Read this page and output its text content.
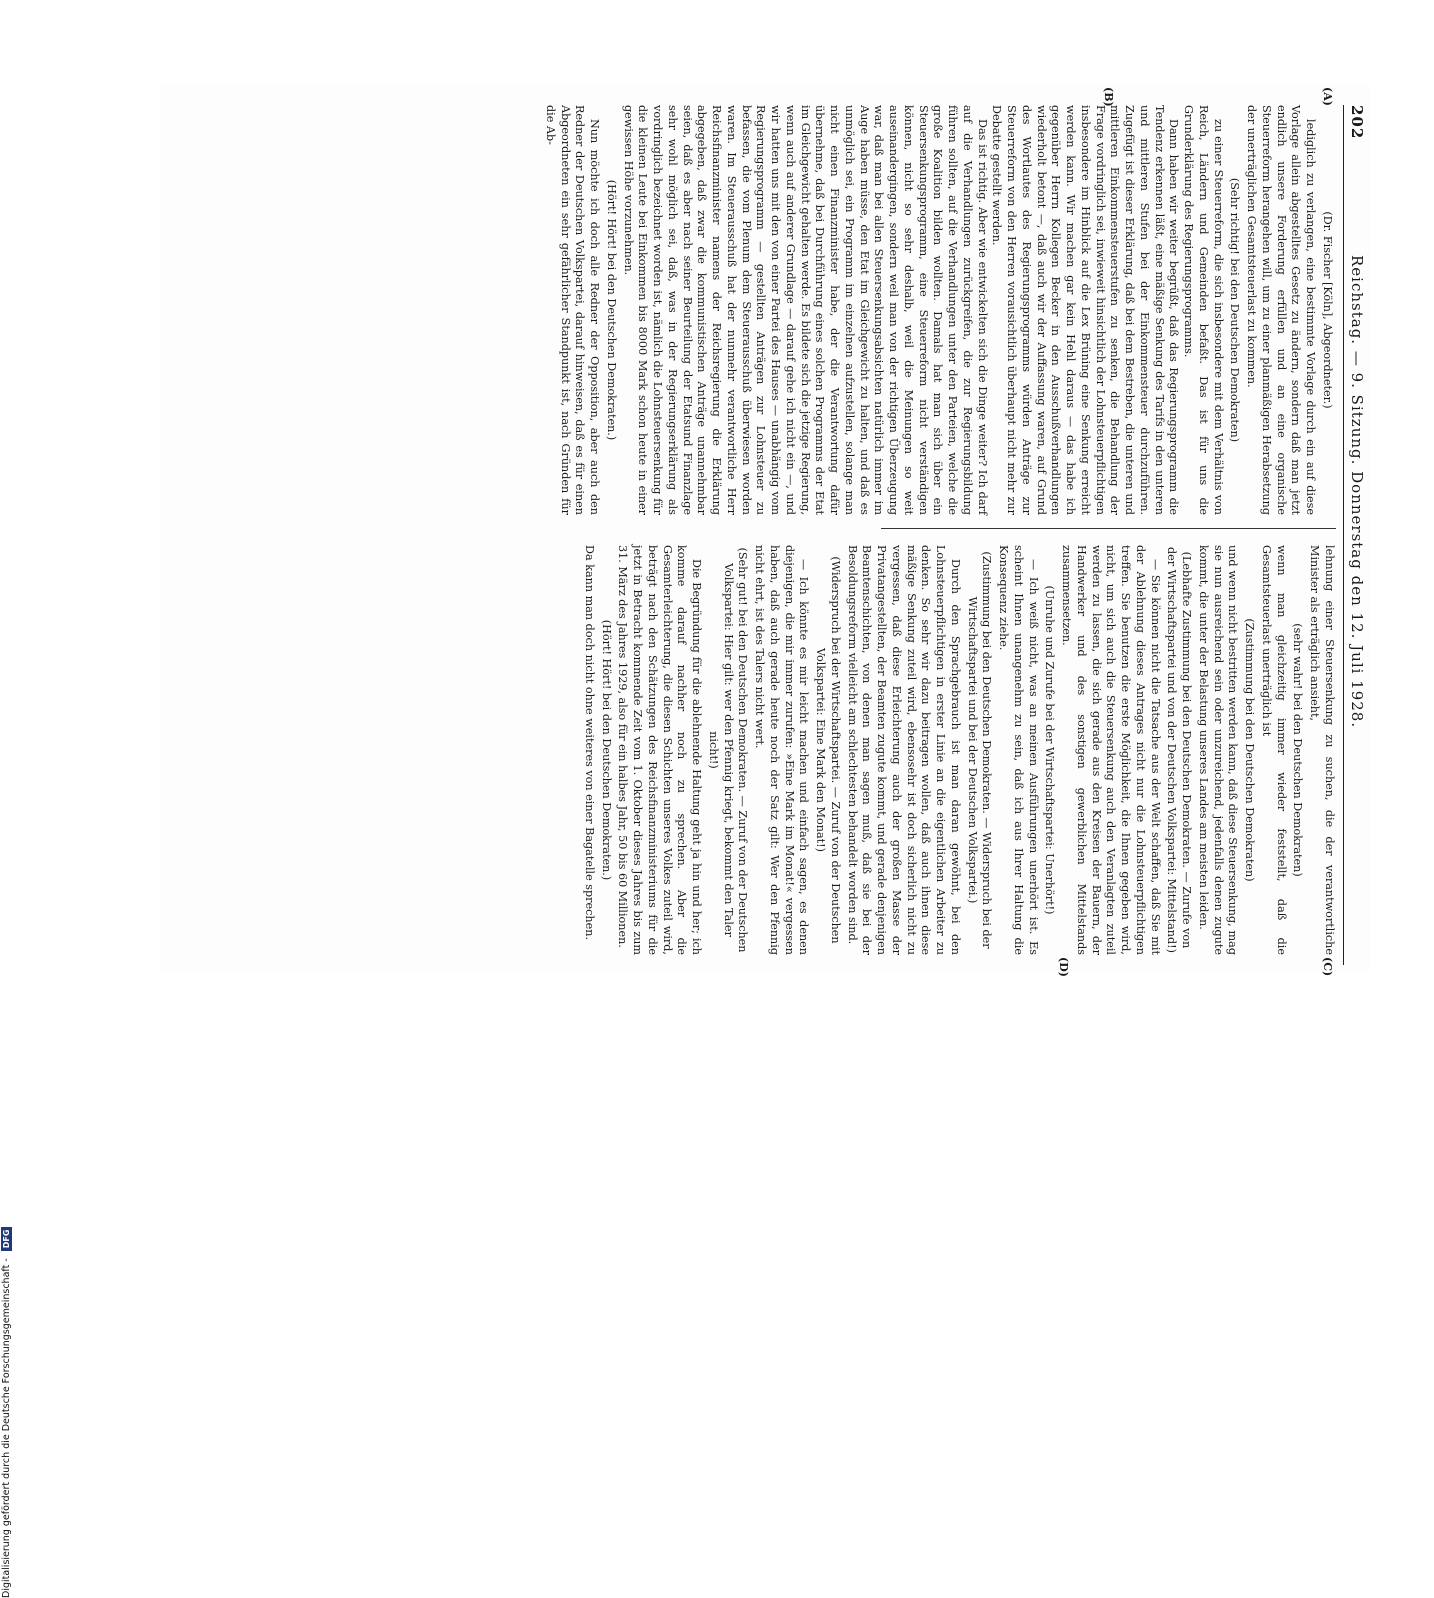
202
Reichstag. — 9. Sitzung. Donnerstag den 12. Juli 1928.
(A)
(B)
(C)
(D)

(Dr. Fischer [Köln], Abgeordneter.)

lediglich zu verlangen, eine bestimmte Vorlage durch ein auf diese Vorlage allein abgestelltes Gesetz zu ändern, sondern daß man jetzt endlich unsere Forderung erfüllen und an eine organische Steuerreform herangehen will, um zu einer planmäßigen Herabsetzung der unerträglichen Gesamtsteuerlast zu kommen.

(Sehr richtig! bei den Deutschen Demokraten)

zu einer Steuerreform, die sich insbesondere mit dem Verhältnis von Reich, Ländern und Gemeinden befaßt. Das ist für uns die Grunderklärung des Regierungsprogramms.

Dann haben wir weiter begrüßt, daß das Regierungsprogramm die Tendenz erkennen läßt, eine mäßige Senkung des Tarifs in den unteren und mittleren Stufen bei der Einkommensteuer durchzuführen. Zugefügt ist dieser Erklärung, daß bei dem Bestreben, die unteren und mittleren Einkommensteuerstufen zu senken, die Behandlung der Frage vordringlich sei, inwieweit hinsichtlich der Lohnsteuerpflichtigen insbesondere im Hinblick auf die Lex Brüning eine Senkung erreicht werden kann. Wir machen gar kein Hehl daraus — das habe ich gegenüber Herrn Kollegen Becker in den Ausschußverhandlungen wiederholt betont —, daß auch wir der Auffassung waren, auf Grund des Wortlautes des Regierungsprogramms würden Anträge zur Steuerreform von den Herren vorausichtlich überhaupt nicht mehr zur Debatte gestellt werden.

Das ist richtig. Aber wie entwickelten sich die Dinge weiter? Ich darf auf die Verhandlungen zurückgreifen, die zur Regierungsbildung führen sollten, auf die Verhandlungen unter den Parteien, welche die große Koalition bilden wollten. Damals hat man sich über ein Steuersenkungsprogramm, eine Steuerreform nicht verständigen können, nicht so sehr deshalb, weil die Meinungen so weit auseinandergingen, sondern weil man von der richtigen Überzeugung war, daß man bei allen Steuersenkungsabsichten natürlich immer im Auge haben müsse, den Etat im Gleichgewicht zu halten, und daß es unmöglich sei, ein Programm im einzelnen aufzustellen, solange man nicht einen Finanzminister habe, der die Verantwortung dafür übernehme, daß bei Durchführung eines solchen Programms der Etat im Gleichgewicht gehalten werde. Es bildete sich die jetzige Regierung, wenn auch auf anderer Grundlage — darauf gehe ich nicht ein —, und wir hatten uns mit den von einer Partei des Hauses — unabhängig vom Regierungsprogramm — gestellten Anträgen zur Lohnsteuer zu befassen, die vom Plenum dem Steuerausschuß überwiesen worden waren. Im Steuerausschuß hat der nunmehr verantwortliche Herr Reichsfinanzminister namens der Reichsregierung die Erklärung abgegeben, daß zwar die kommunistischen Anträge unannehmbar seien, daß es aber nach seiner Beurteilung der Etatsund Finanzlage sehr wohl möglich sei, daß, was in der Regierungserklärung als vordringlich bezeichnet worden ist, nämlich die Lohnsteuersenkung für die kleinen Leute bei Einkommen bis 8000 Mark schon heute in einer gewissen Höhe vorzunehmen.

(Hört! Hört! bei den Deutschen Demokraten.)

Nun möchte ich doch alle Redner der Opposition, aber auch den Redner der Deutschen Volkspartei, darauf hinweisen, daß es für einen Abgeordneten ein sehr gefährlicher Standpunkt ist, nach Gründen für die Ab-

lehnung einer Steuersenkung zu suchen, die der verantwortliche Minister als erträglich ansieht,

(sehr wahr! bei den Deutschen Demokraten)

wenn man gleichzeitig immer wieder feststellt, daß die Gesamtsteuerlast unerträglich ist

(Zustimmung bei den Deutschen Demokraten)

und wenn nicht bestritten werden kann, daß diese Steuersenkung, mag sie nun ausreichend sein oder unzureichend, jedenfalls denen zugute kommt, die unter der Belastung unseres Landes am meisten leiden.

(Lebhafte Zustimmung bei den Deutschen Demokraten. — Zurufe von der Wirtschaftspartei und von der Deutschen Volkspartei: Mittelstand!)

— Sie können nicht die Tatsache aus der Welt schaffen, daß Sie mit der Ablehnung dieses Antrages nicht nur die Lohnsteuerpflichtigen treffen. Sie benutzen die erste Möglichkeit, die Ihnen gegeben wird, nicht, um sich auch die Steuersenkung auch den Veranlagten zuteil werden zu lassen, die sich gerade aus den Kreisen der Bauern, der Handwerker und des sonstigen gewerblichen Mittelstands zusammensetzen.

(Unruhe und Zurufe bei der Wirtschaftspartei: Unerhört!)

— Ich weiß nicht, was an meinen Ausführungen unerhört ist. Es scheint Ihnen unangenehm zu sein, daß ich aus Ihrer Haltung die Konsequenz ziehe.

(Zustimmung bei den Deutschen Demokraten. — Widerspruch bei der Wirtschaftspartei und bei der Deutschen Volkspartei.)

Durch den Sprachgebrauch ist man daran gewöhnt, bei den Lohnsteuerpflichtigen in erster Linie an die eigentlichen Arbeiter zu denken. So sehr wir dazu beitragen wollen, daß auch ihnen diese mäßige Senkung zuteil wird, ebensosehr ist doch sicherlich nicht zu vergessen, daß diese Erleichterung auch der großen Masse der Privatangestellten, der Beamten zugute kommt, und gerade denjenigen Beamtenschichten, von denen man sagen muß, daß sie bei der Besoldungsreform vielleicht am schlechtesten behandelt worden sind.

(Widerspruch bei der Wirtschaftspartei. — Zuruf von der Deutschen Volkspartei: Eine Mark den Monat!)

— Ich könnte es mir leicht machen und einfach sagen, es denen diejenigen, die mir immer zurufen: »Eine Mark im Monat!« vergessen haben, daß auch gerade heute noch der Satz gilt: Wer den Pfennig nicht ehrt, ist des Talers nicht wert.

(Sehr gut! bei den Deutschen Demokraten. — Zuruf von der Deutschen Volkspartei: Hier gilt: wer den Pfennig kriegt, bekommt den Taler nicht!)

Die Begründung für die ablehnende Haltung geht ja hin und her; ich komme darauf nachher noch zu sprechen. Aber die Gesamterleichterung, die diesen Schichten unseres Volkes zuteil wird, beträgt nach den Schätzungen des Reichsfinanzministeriums für die jetzt in Betracht kommende Zeit vom 1. Oktober dieses Jahres bis zum 31. März des Jahres 1929, also für ein halbes Jahr, 50 bis 60 Millionen.

(Hört! Hört! bei den Deutschen Demokraten.)

Da kann man doch nicht ohne weiteres von einer Bagatelle sprechen.

Digitalisierung gefördert durch die Deutsche Forschungsgemeinschaft - DFG
